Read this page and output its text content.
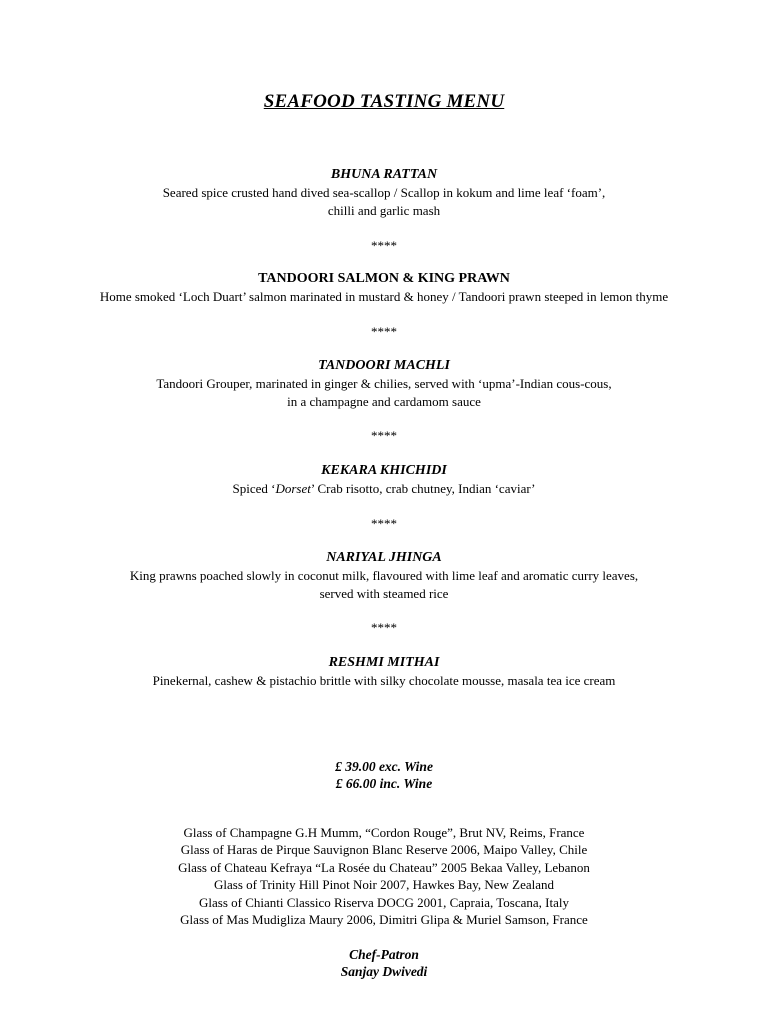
SEAFOOD TASTING MENU
BHUNA RATTAN
Seared spice crusted hand dived sea-scallop / Scallop in kokum and lime leaf ‘foam’,
chilli and garlic mash
****
TANDOORI SALMON & KING PRAWN
Home smoked ‘Loch Duart’ salmon marinated in mustard & honey / Tandoori prawn steeped in lemon thyme
****
TANDOORI MACHLI
Tandoori Grouper, marinated in ginger & chilies, served with ‘upma’-Indian cous-cous,
in a champagne and cardamom sauce
****
KEKARA KHICHIDI
Spiced ‘Dorset’ Crab risotto, crab chutney, Indian ‘caviar’
****
NARIYAL JHINGA
King prawns poached slowly in coconut milk, flavoured with lime leaf and aromatic curry leaves,
served with steamed rice
****
RESHMI MITHAI
Pinekernal, cashew & pistachio brittle with silky chocolate mousse, masala tea ice cream
£ 39.00 exc. Wine
£ 66.00 inc. Wine
Glass of Champagne G.H Mumm, “Cordon Rouge”, Brut NV, Reims, France
Glass of Haras de Pirque Sauvignon Blanc Reserve 2006, Maipo Valley, Chile
Glass of Chateau Kefraya “La Rosée du Chateau” 2005 Bekaa Valley, Lebanon
Glass of Trinity Hill Pinot Noir 2007, Hawkes Bay, New Zealand
Glass of Chianti Classico Riserva DOCG 2001, Capraia, Toscana, Italy
Glass of Mas Mudigliza Maury 2006, Dimitri Glipa & Muriel Samson, France
Chef-Patron
Sanjay Dwivedi
